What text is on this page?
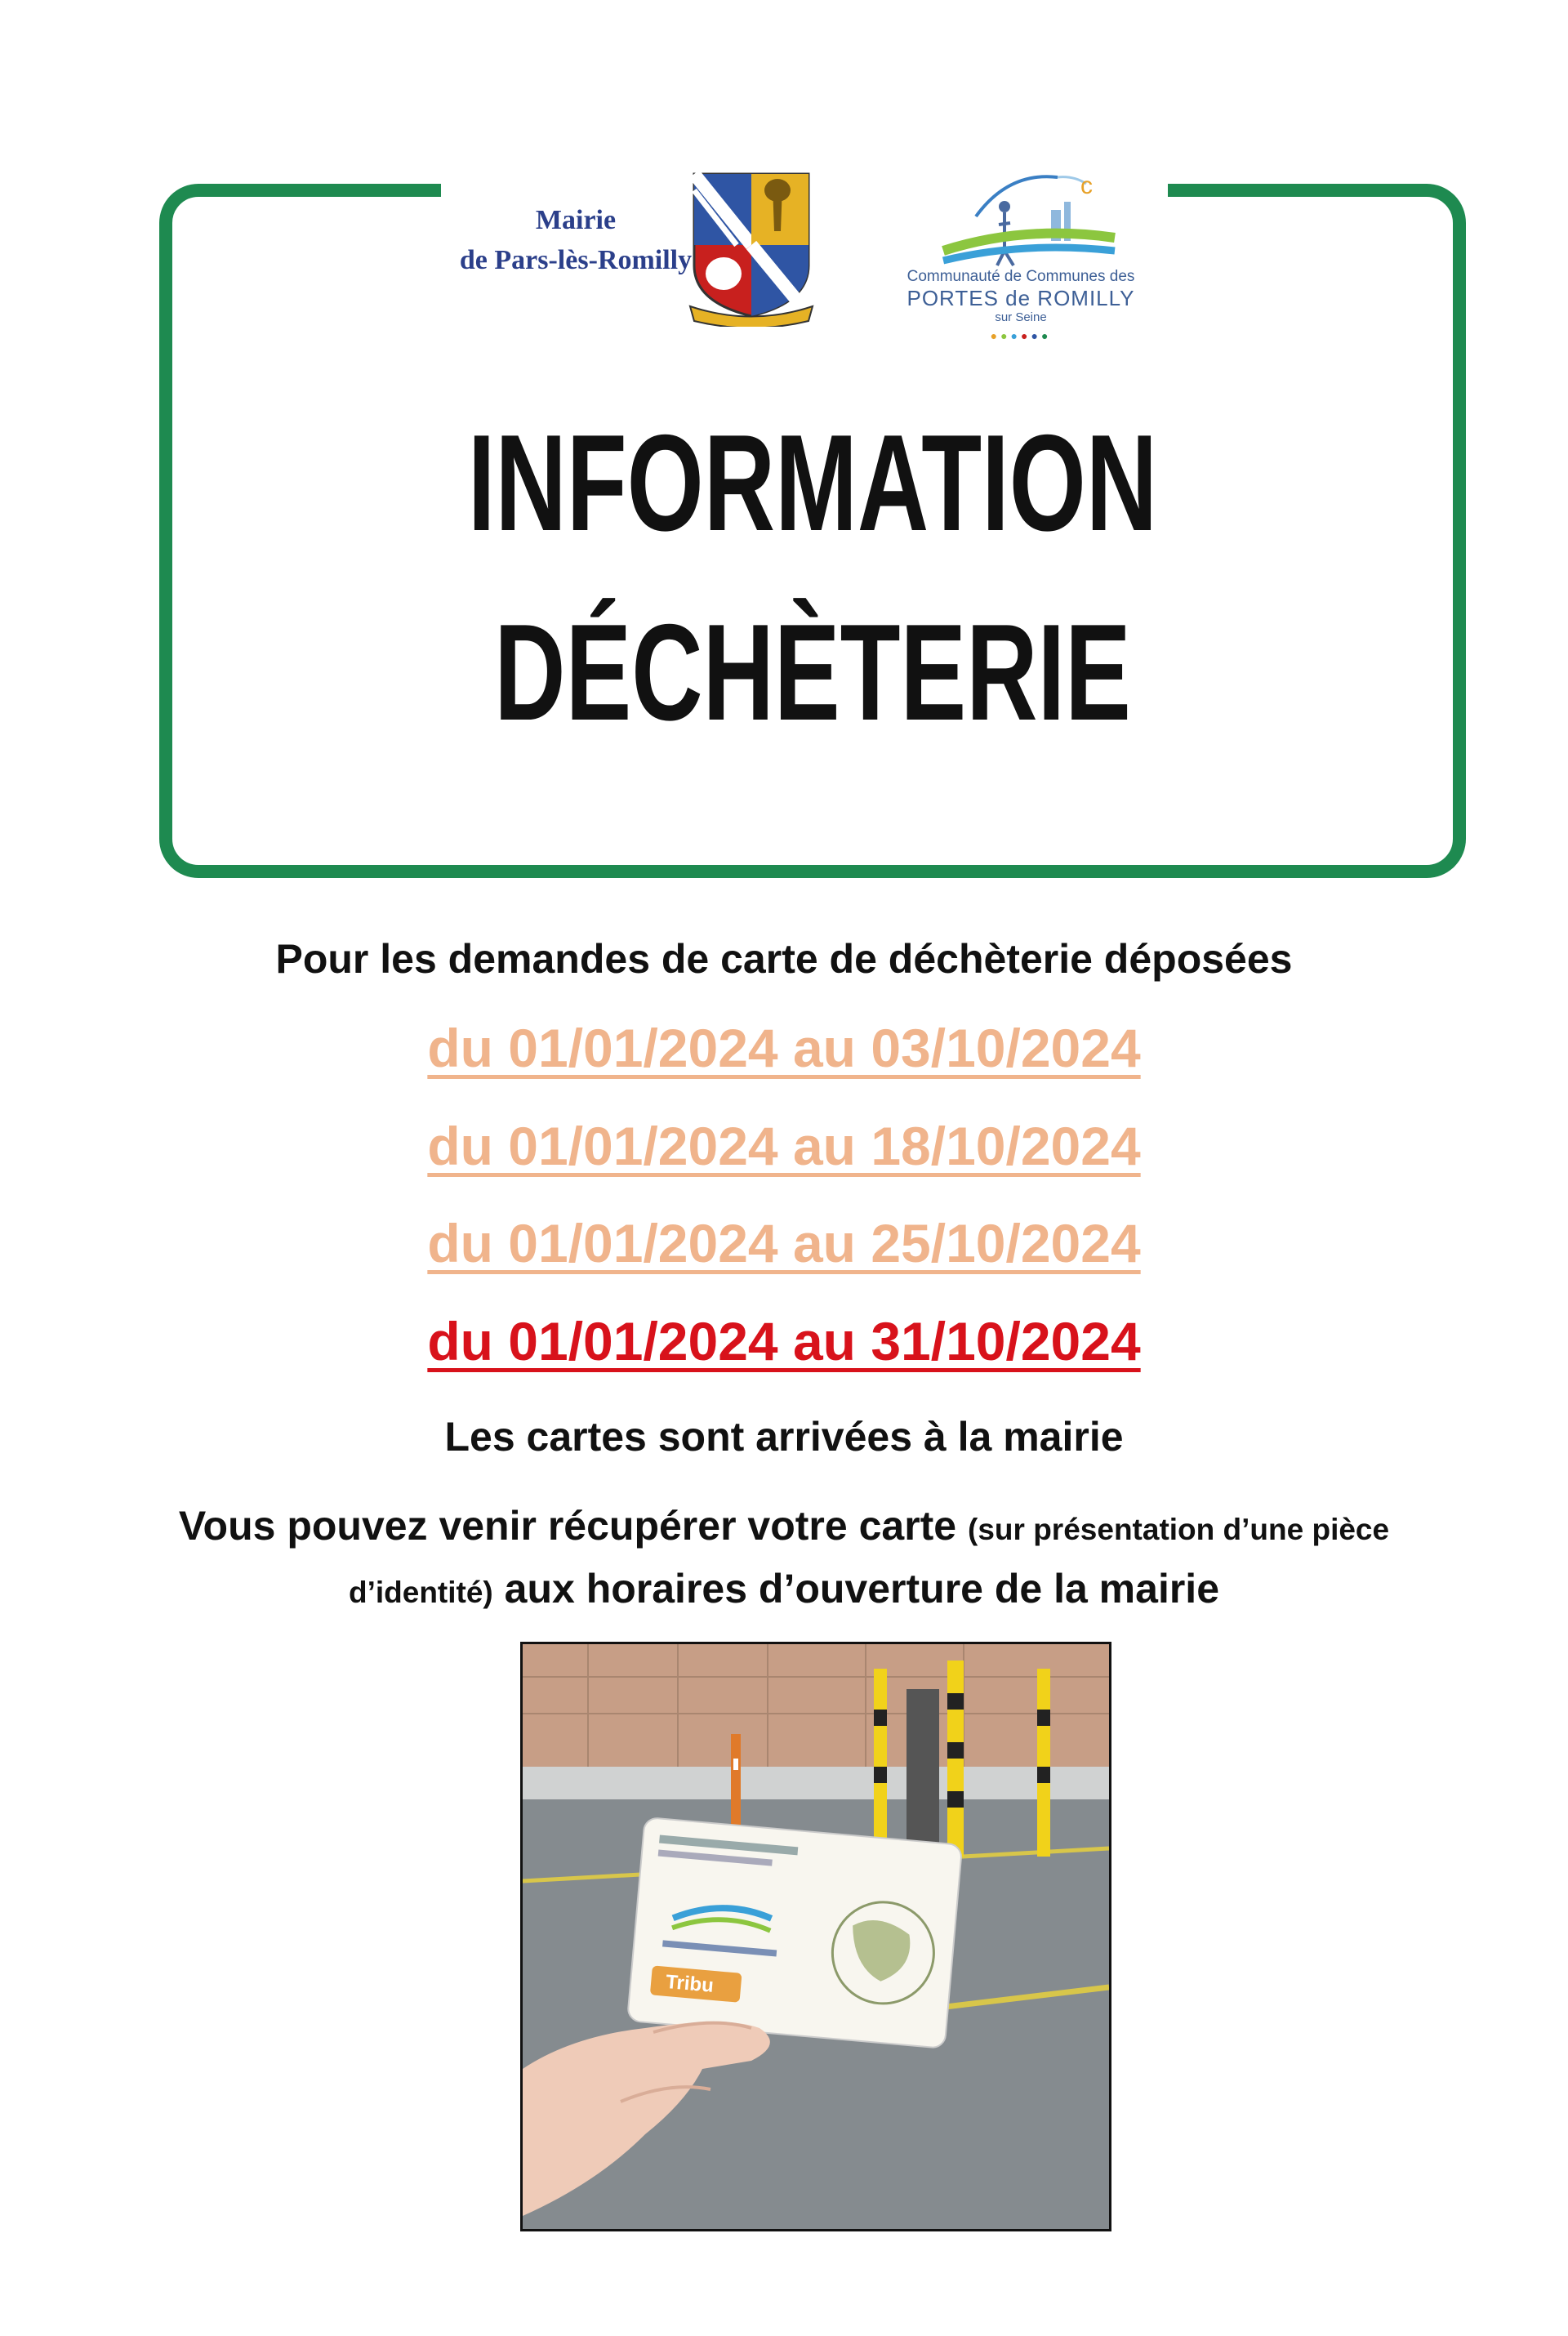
Mairie
de Pars-lès-Romilly
c
Communauté de Communes des
PORTES de ROMILLY
sur Seine
●●●●●●
INFORMATION
DÉCHÈTERIE
Pour les demandes de carte de déchèterie déposées
du 01/01/2024 au 03/10/2024
du 01/01/2024 au 18/10/2024
du 01/01/2024 au 25/10/2024
du 01/01/2024 au 31/10/2024
Les cartes sont arrivées à la mairie
Vous pouvez venir récupérer votre carte (sur présentation d’une pièce d’identité) aux horaires d’ouverture de la mairie
Tribu
